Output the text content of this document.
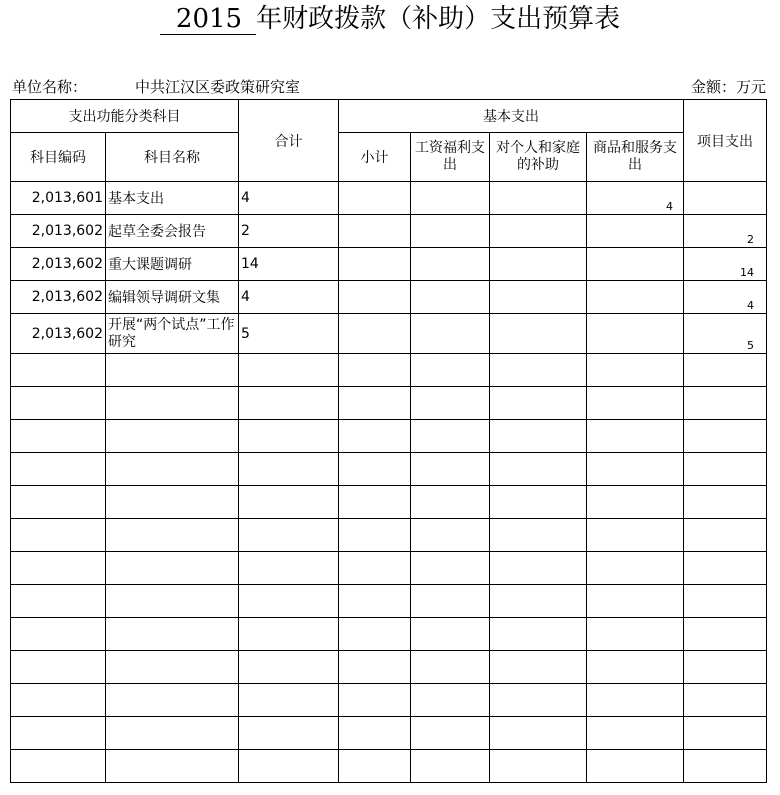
2015 年财政拨款（补助）支出预算表
单位名称：	中共江汉区委政策研究室	金额：万元
支出功能分类科目		合计	基本支出				项目支出
科目编码	科目名称		小计	工资福利支出	对个人和家庭的补助	商品和服务支出	
2,013,601	基本支出	4				4	
2,013,602	起草全委会报告	2					2
2,013,602	重大课题调研	14					14
2,013,602	编辑领导调研文集	4					4
2,013,602	开展“两个试点”工作研究	5					5
